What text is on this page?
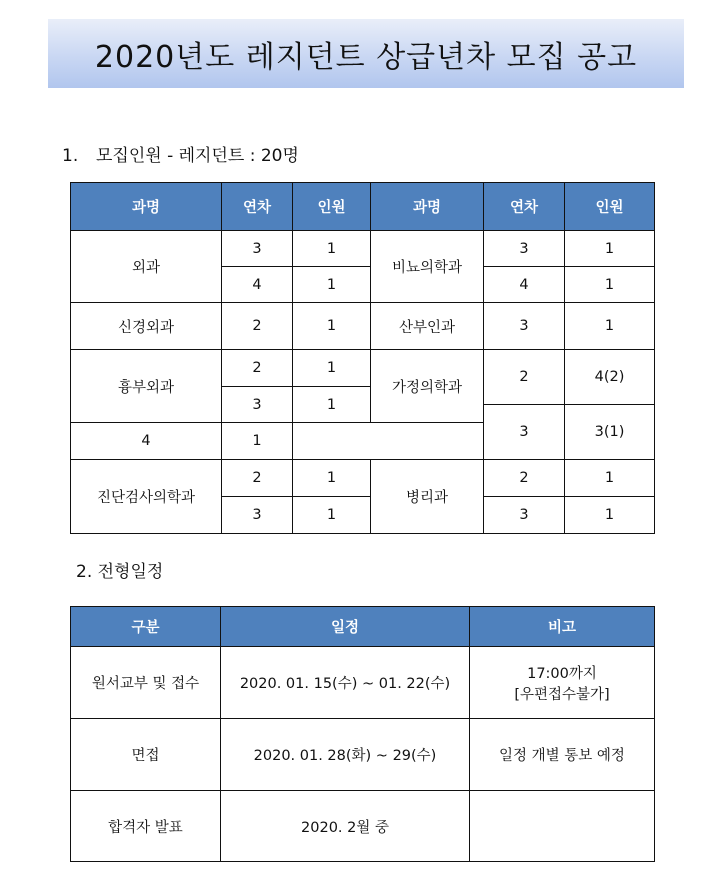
2020년도 레지던트 상급년차 모집 공고
1. 모집인원 - 레지던트 : 20명
과명	연차	인원	과명	연차	인원
외과	3	1	비뇨의학과	3	1
	4	1		4	1
신경외과	2	1	산부인과	3	1
흉부외과	2	1	가정의학과	2	4(2)
	3	1			
				3	3(1)
4	1				
진단검사의학과	2	1	병리과	2	1
	3	1		3	1
2. 전형일정
구분	일정	비고
원서교부 및 접수	2020. 01. 15(수) ~ 01. 22(수)	17:00까지
[우편접수불가]

면접	2020. 01. 28(화) ~ 29(수)	일정 개별 통보 예정
합격자 발표	2020. 2월 중	
